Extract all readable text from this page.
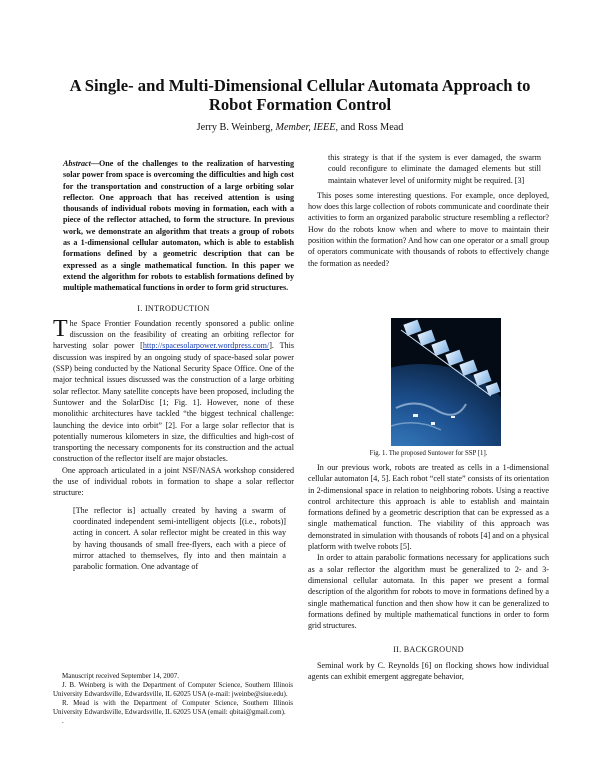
A Single- and Multi-Dimensional Cellular Automata Approach to
Robot Formation Control

Jerry B. Weinberg, Member, IEEE, and Ross Mead

Abstract—One of the challenges to the realization of harvesting solar power from space is overcoming the difficulties and high cost for the transportation and construction of a large orbiting solar reflector. One approach that has received attention is using thousands of individual robots moving in formation, each with a piece of the reflector attached, to form the structure. In previous work, we demonstrate an algorithm that treats a group of robots as a 1-dimensional cellular automaton, which is able to establish formations defined by a geometric description that can be expressed as a single mathematical function. In this paper we extend the algorithm for robots to establish formations defined by multiple mathematical functions in order to form grid structures.

I. INTRODUCTION

The Space Frontier Foundation recently sponsored a public online discussion on the feasibility of creating an orbiting reflector for harvesting solar power [http://spacesolarpower.wordpress.com/]. This discussion was inspired by an ongoing study of space-based solar power (SSP) being conducted by the National Security Space Office. One of the major technical issues discussed was the construction of a large orbiting solar reflector. Many satellite concepts have been proposed, including the Suntower and the SolarDisc [1; Fig. 1]. However, none of these monolithic architectures have tackled “the biggest technical challenge: launching the device into orbit” [2]. For a large solar reflector that is potentially numerous kilometers in size, the difficulties and high-cost of transporting the necessary components for its construction and the actual construction of the reflector itself are major obstacles.

One approach articulated in a joint NSF/NASA workshop considered the use of individual robots in formation to shape a solar reflector structure:

[The reflector is] actually created by having a swarm of coordinated independent semi-intelligent objects [(i.e., robots)] acting in concert. A solar reflector might be created in this way by having thousands of small free-flyers, each with a piece of mirror attached to themselves, fly into and then maintain a parabolic formation. One advantage of

Manuscript received September 14, 2007.

J. B. Weinberg is with the Department of Computer Science, Southern Illinois University Edwardsville, Edwardsville, IL 62025 USA (e-mail: jweinbe@siue.edu).

R. Mead is with the Department of Computer Science, Southern Illinois University Edwardsville, Edwardsville, IL 62025 USA (email: qbitai@gmail.com).

.

this strategy is that if the system is ever damaged, the swarm could reconfigure to eliminate the damaged elements but still maintain whatever level of uniformity might be required. [3]

This poses some interesting questions. For example, once deployed, how does this large collection of robots communicate and coordinate their activities to form an organized parabolic structure resembling a reflector? How do the robots know when and where to move to maintain their position within the formation? And how can one operator or a small group of operators communicate with thousands of robots to effectively change the formation as needed?

Fig. 1. The proposed Suntower for SSP [1].

In our previous work, robots are treated as cells in a 1-dimensional cellular automaton [4, 5]. Each robot “cell state” consists of its orientation in 2-dimensional space in relation to neighboring robots. Using a reactive control architecture this approach is able to establish and maintain formations defined by a geometric description that can be expressed as a single mathematical function. The viability of this approach was demonstrated in simulation with thousands of robots [4] and on a physical platform with twelve robots [5].

In order to attain parabolic formations necessary for applications such as a solar reflector the algorithm must be generalized to 2- and 3-dimensional cellular automata. In this paper we present a formal description of the algorithm for robots to move in formations defined by a single mathematical function and then show how it can be generalized to formations defined by multiple mathematical functions in order to form grid structures.

II. BACKGROUND

Seminal work by C. Reynolds [6] on flocking shows how individual agents can exhibit emergent aggregate behavior,
